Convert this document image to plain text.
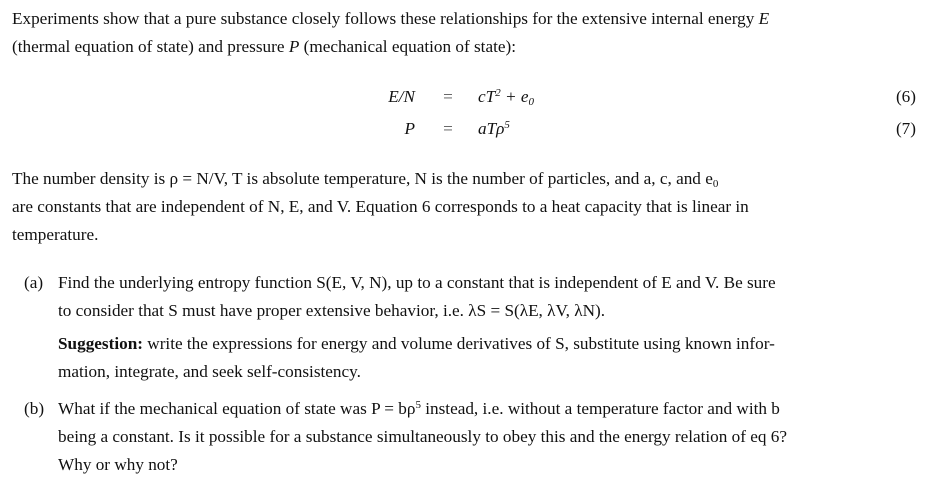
Experiments show that a pure substance closely follows these relationships for the extensive internal energy E
(thermal equation of state) and pressure P (mechanical equation of state):
$E/N = cT^2 + e_0$	(6)
P = aTρ$^5$	(7)
The number density is ρ = N/V, T is absolute temperature, N is the number of particles, and a, c, and $e_0$
are constants that are independent of N, E, and V. Equation 6 corresponds to a heat capacity that is linear in
temperature.
(a) Find the underlying entropy function S(E, V, N), up to a constant that is independent of E and V. Be sure
to consider that S must have proper extensive behavior, i.e. λS = S(λE, λV, λN).
Suggestion: write the expressions for energy and volume derivatives of S, substitute using known infor-
mation, integrate, and seek self-consistency.
(b) What if the mechanical equation of state was $P = b\rho^5$ instead, i.e. without a temperature factor and with b
being a constant. Is it possible for a substance simultaneously to obey this and the energy relation of eq 6?
Why or why not?
